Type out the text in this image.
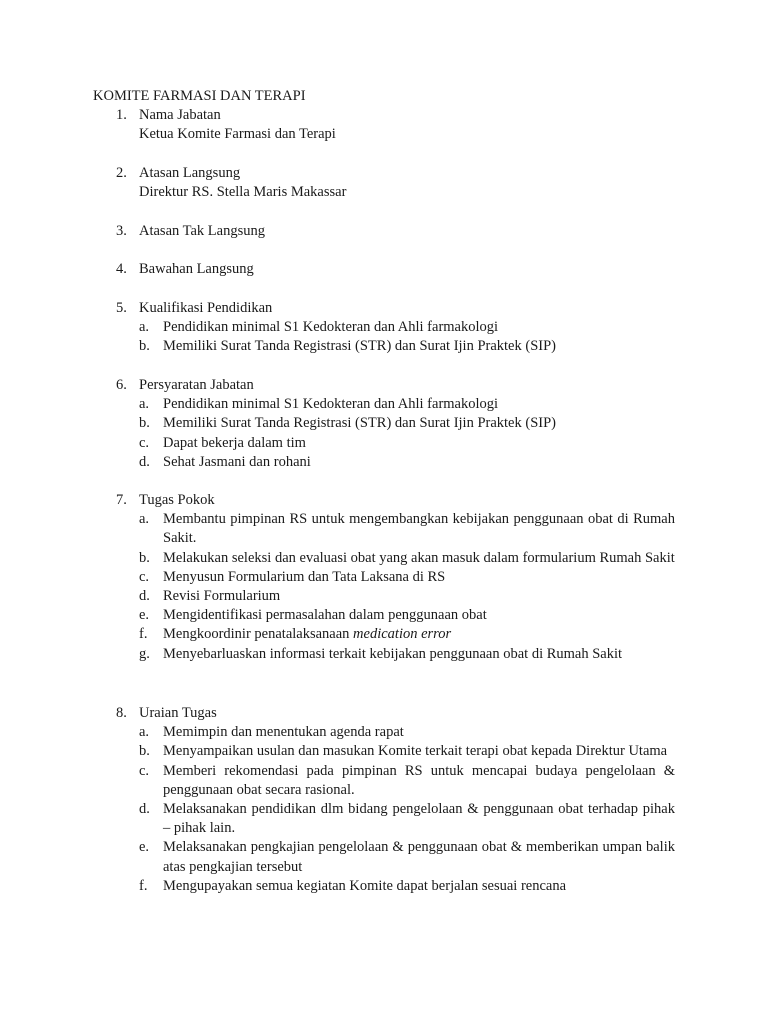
KOMITE FARMASI DAN TERAPI
1. Nama Jabatan
Ketua Komite Farmasi dan Terapi
2. Atasan Langsung
Direktur RS. Stella Maris Makassar
3. Atasan Tak Langsung
4. Bawahan Langsung
5. Kualifikasi Pendidikan
a. Pendidikan minimal S1 Kedokteran dan Ahli farmakologi
b. Memiliki Surat Tanda Registrasi (STR) dan Surat Ijin Praktek (SIP)
6. Persyaratan Jabatan
a. Pendidikan minimal S1 Kedokteran dan Ahli farmakologi
b. Memiliki Surat Tanda Registrasi (STR) dan Surat Ijin Praktek (SIP)
c. Dapat bekerja dalam tim
d. Sehat Jasmani dan rohani
7. Tugas Pokok
a. Membantu pimpinan RS untuk mengembangkan kebijakan penggunaan obat di Rumah Sakit.
b. Melakukan seleksi dan evaluasi obat yang akan masuk dalam formularium Rumah Sakit
c. Menyusun Formularium dan Tata Laksana di RS
d. Revisi Formularium
e. Mengidentifikasi permasalahan dalam penggunaan obat
f.	Mengkoordinir penatalaksanaan medication error
g. Menyebarluaskan informasi terkait kebijakan penggunaan obat di Rumah Sakit
8. Uraian Tugas
a. Memimpin dan menentukan agenda rapat
b. Menyampaikan usulan dan masukan Komite terkait terapi obat kepada Direktur Utama
c. Memberi rekomendasi pada pimpinan RS untuk mencapai budaya pengelolaan & penggunaan obat secara rasional.
d. Melaksanakan pendidikan dlm bidang pengelolaan & penggunaan obat terhadap pihak – pihak lain.
e. Melaksanakan pengkajian pengelolaan & penggunaan obat & memberikan umpan balik atas pengkajian tersebut
f.	Mengupayakan semua kegiatan Komite dapat berjalan sesuai rencana
